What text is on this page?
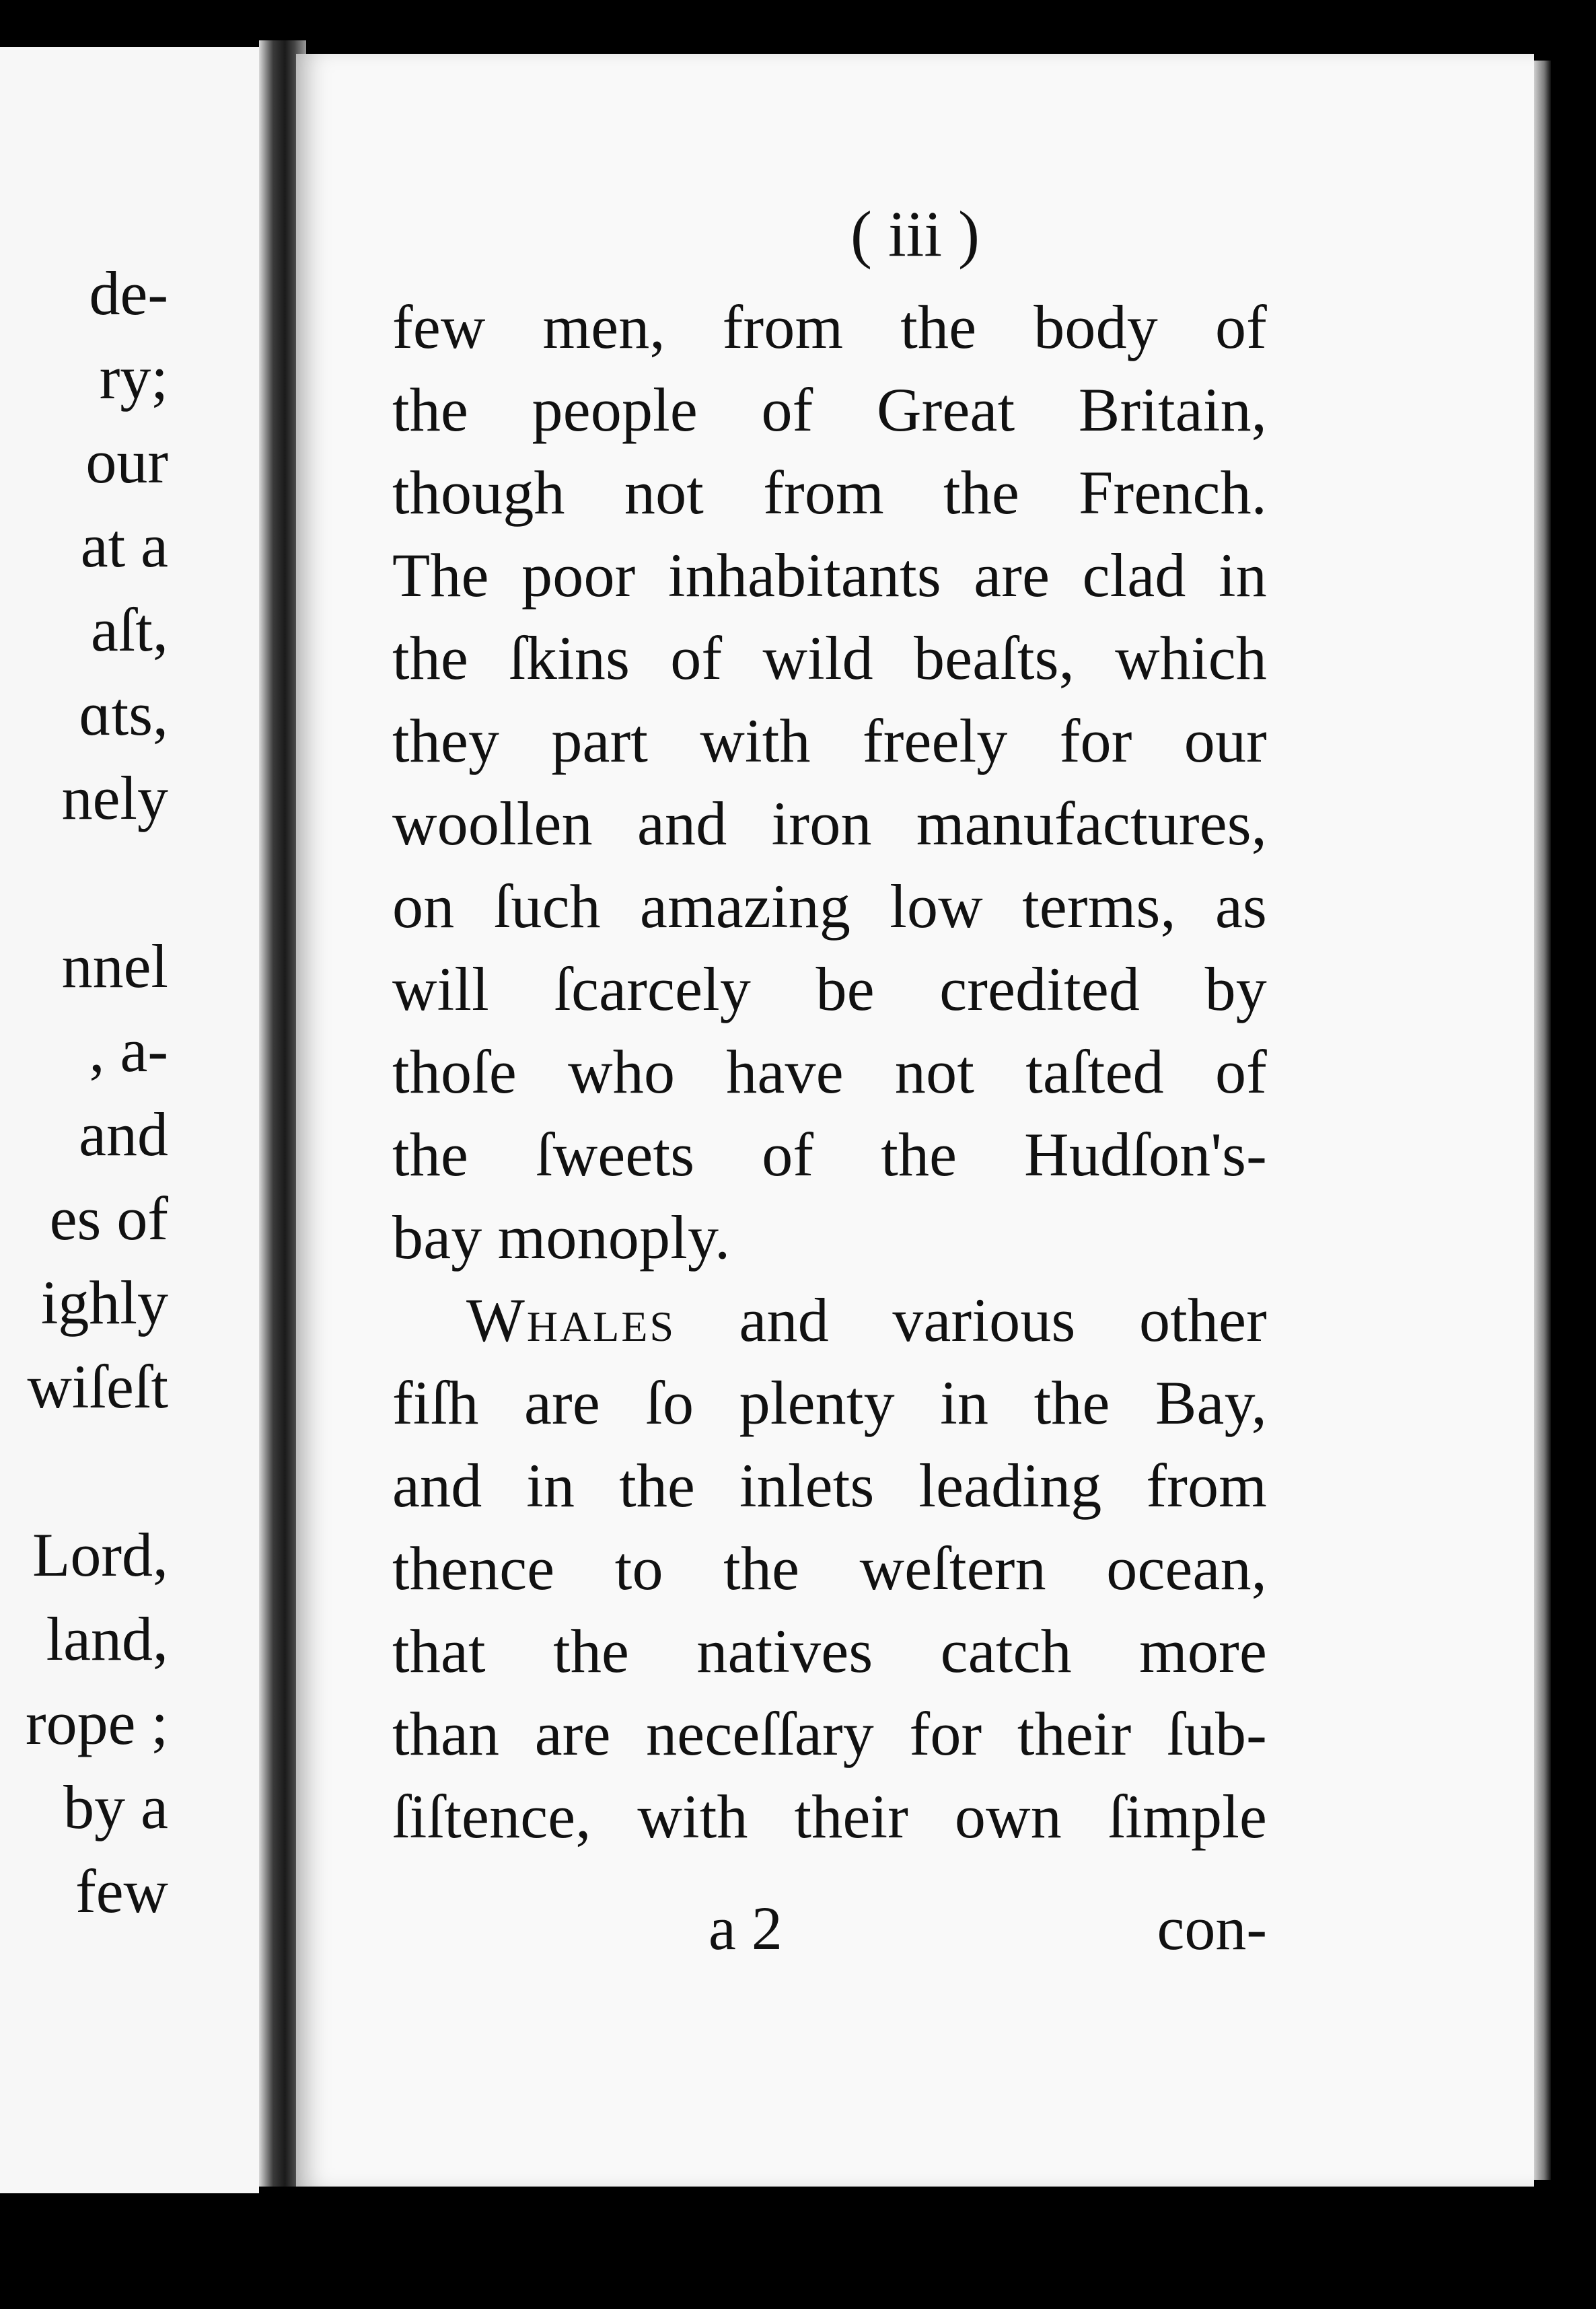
de-
ry;
our
at a
aſt,
ɑts,
nely
nnel
, a-
and
es of
ighly
wiſeſt
Lord,
land,
rope ;
by a
few
( iii )
few men, from the body of
the people of Great Britain,
though not from the French.
The poor inhabitants are clad in
the ſkins of wild beaſts, which
they part with freely for our
woollen and iron manufactures,
on ſuch amazing low terms, as
will ſcarcely be credited by
thoſe who have not taſted of
the ſweets of the Hudſon's-
bay monoply.
Whales and various other
fiſh are ſo plenty in the Bay,
and in the inlets leading from
thence to the weſtern ocean,
that the natives catch more
than are neceſſary for their ſub-
ſiſtence, with their own ſimple
a 2	con-
